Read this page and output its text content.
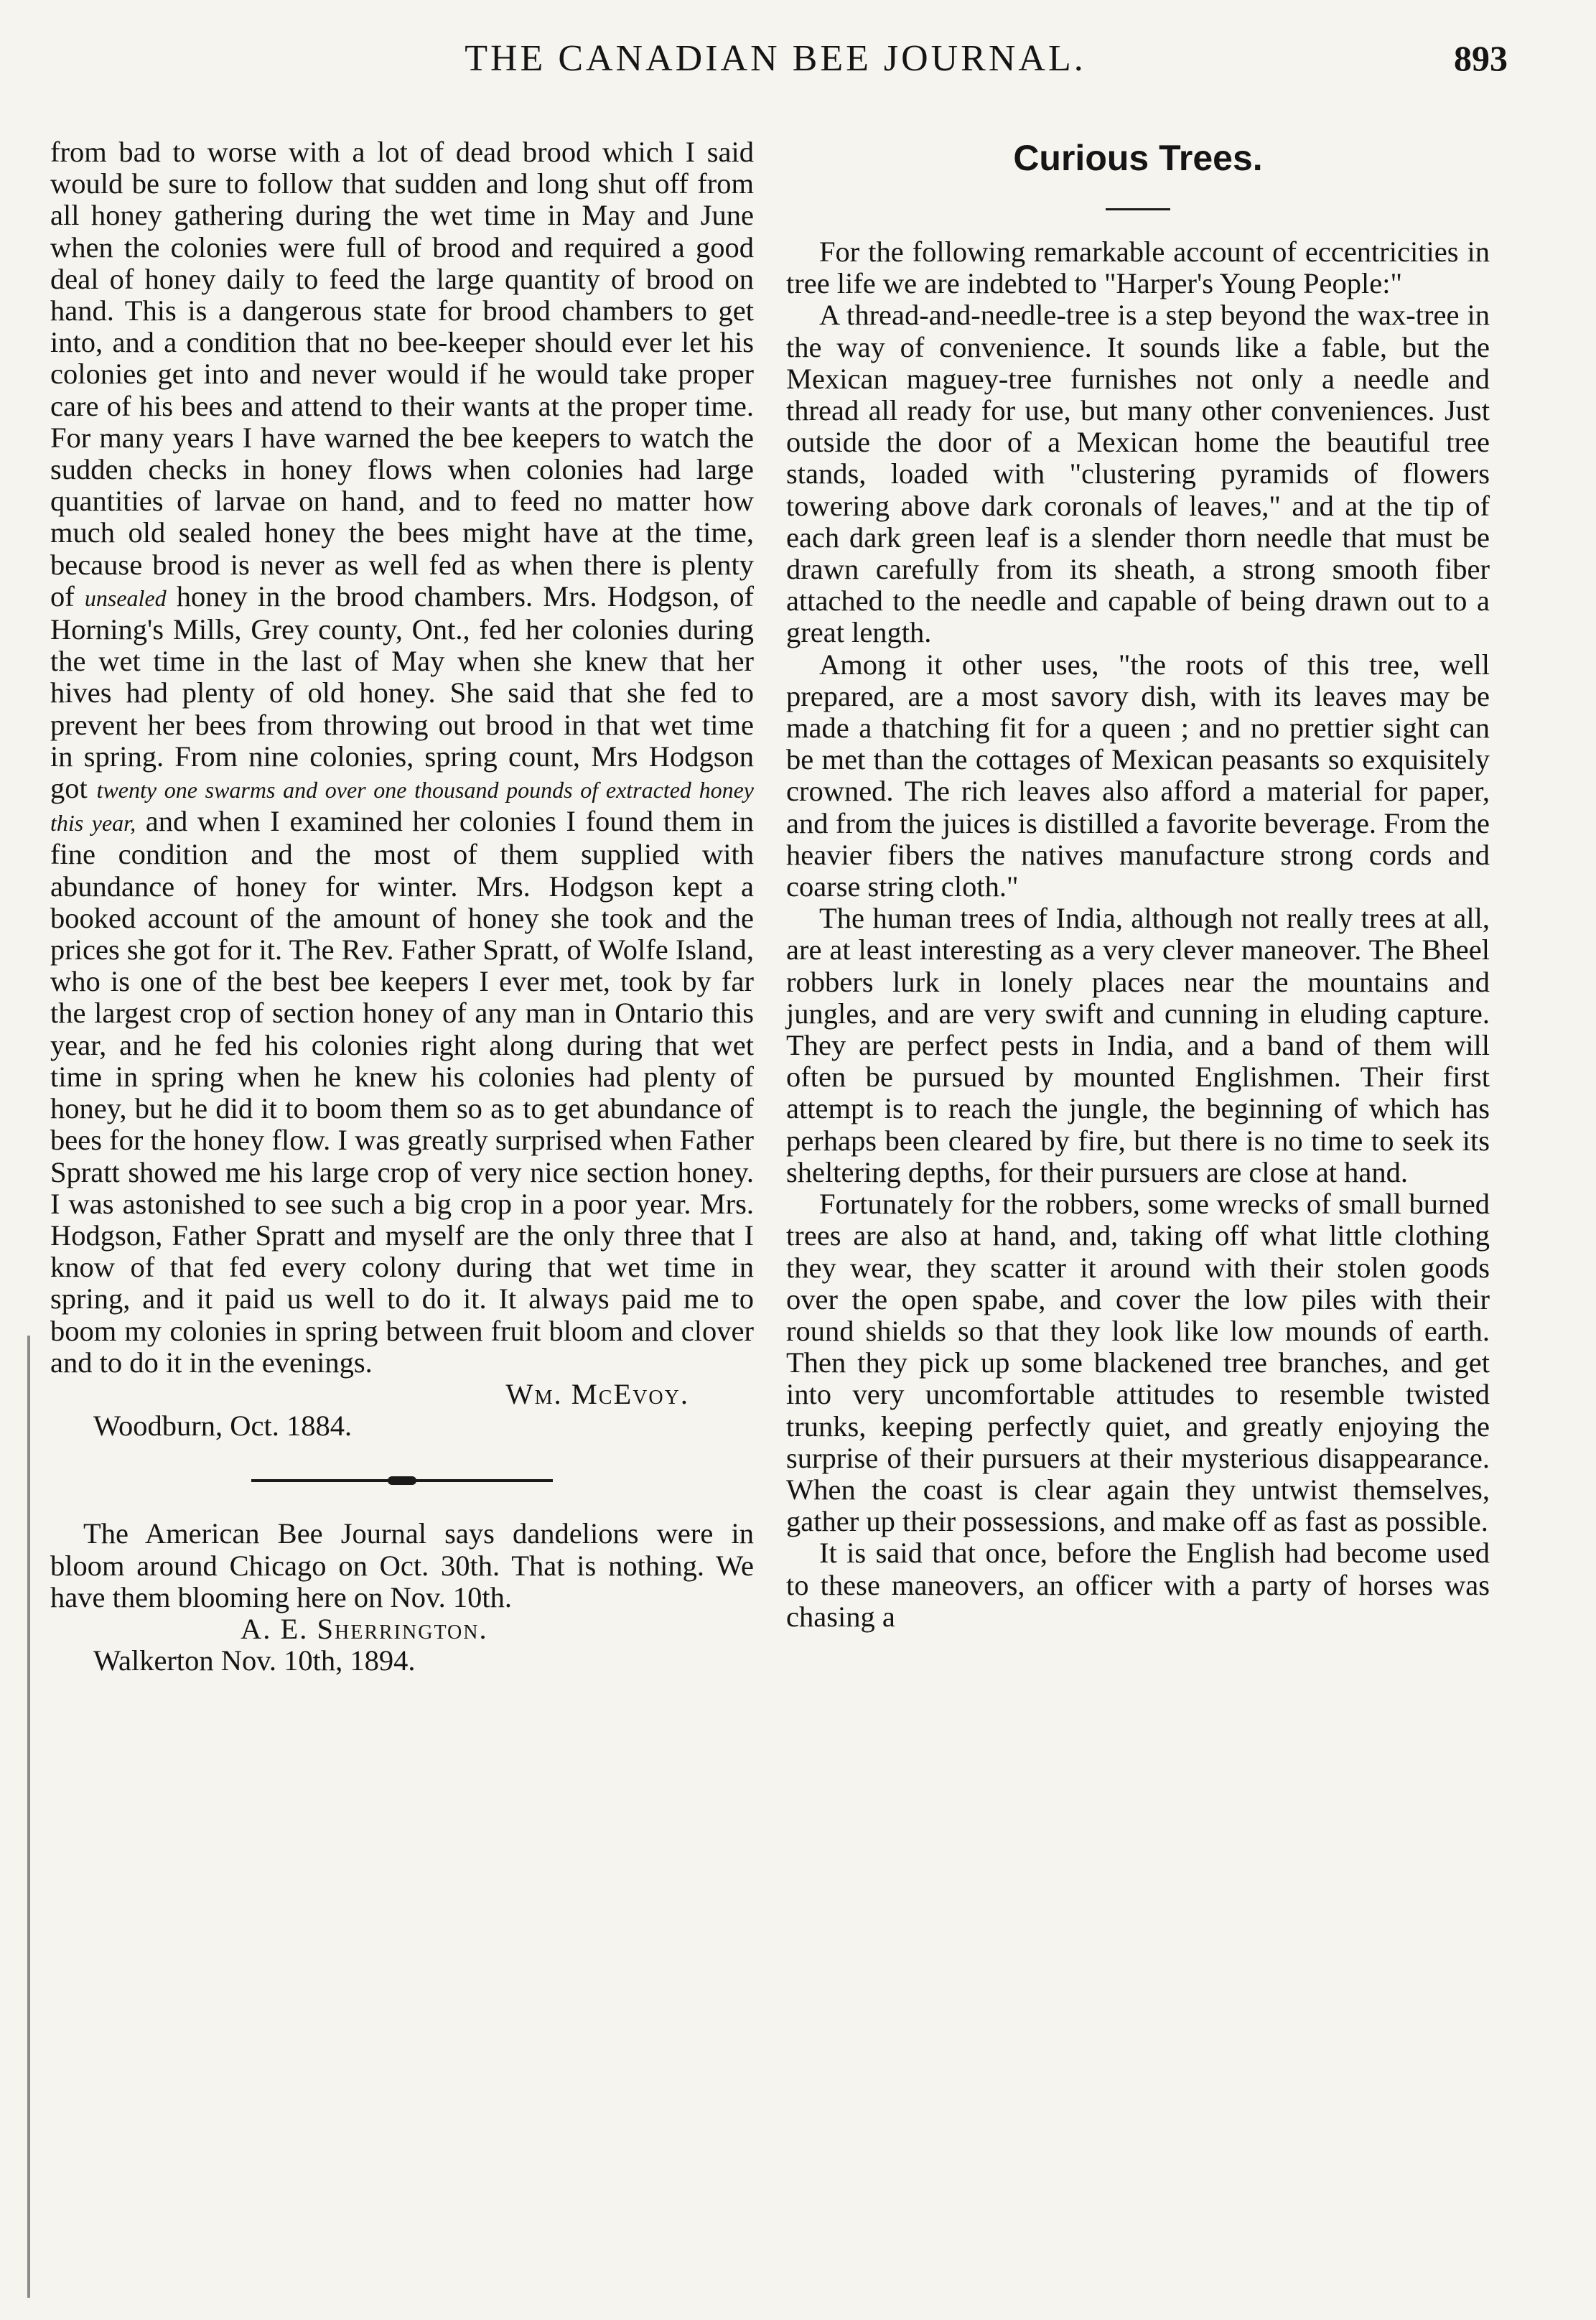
THE CANADIAN BEE JOURNAL.	893

from bad to worse with a lot of dead brood which I said would be sure to follow that sudden and long shut off from all honey gathering during the wet time in May and June when the colonies were full of brood and required a good deal of honey daily to feed the large quantity of brood on hand. This is a dangerous state for brood chambers to get into, and a condition that no bee-keeper should ever let his colonies get into and never would if he would take proper care of his bees and attend to their wants at the proper time. For many years I have warned the bee keepers to watch the sudden checks in honey flows when colonies had large quantities of larvae on hand, and to feed no matter how much old sealed honey the bees might have at the time, because brood is never as well fed as when there is plenty of unsealed honey in the brood chambers. Mrs. Hodgson, of Horning's Mills, Grey county, Ont., fed her colonies during the wet time in the last of May when she knew that her hives had plenty of old honey. She said that she fed to prevent her bees from throwing out brood in that wet time in spring. From nine colonies, spring count, Mrs Hodgson got twenty one swarms and over one thousand pounds of extracted honey this year, and when I examined her colonies I found them in fine condition and the most of them supplied with abundance of honey for winter. Mrs. Hodgson kept a booked account of the amount of honey she took and the prices she got for it. The Rev. Father Spratt, of Wolfe Island, who is one of the best bee keepers I ever met, took by far the largest crop of section honey of any man in Ontario this year, and he fed his colonies right along during that wet time in spring when he knew his colonies had plenty of honey, but he did it to boom them so as to get abundance of bees for the honey flow. I was greatly surprised when Father Spratt showed me his large crop of very nice section honey. I was astonished to see such a big crop in a poor year. Mrs. Hodgson, Father Spratt and myself are the only three that I know of that fed every colony during that wet time in spring, and it paid us well to do it. It always paid me to boom my colonies in spring between fruit bloom and clover and to do it in the evenings.

Wm. McEvoy.

Woodburn, Oct. 1884.

The American Bee Journal says dandelions were in bloom around Chicago on Oct. 30th. That is nothing. We have them blooming here on Nov. 10th.

A. E. Sherrington.

Walkerton Nov. 10th, 1894.

Curious Trees.

For the following remarkable account of eccentricities in tree life we are indebted to "Harper's Young People:"

A thread-and-needle-tree is a step beyond the wax-tree in the way of convenience. It sounds like a fable, but the Mexican maguey-tree furnishes not only a needle and thread all ready for use, but many other conveniences. Just outside the door of a Mexican home the beautiful tree stands, loaded with "clustering pyramids of flowers towering above dark coronals of leaves," and at the tip of each dark green leaf is a slender thorn needle that must be drawn carefully from its sheath, a strong smooth fiber attached to the needle and capable of being drawn out to a great length.

Among it other uses, "the roots of this tree, well prepared, are a most savory dish, with its leaves may be made a thatching fit for a queen ; and no prettier sight can be met than the cottages of Mexican peasants so exquisitely crowned. The rich leaves also afford a material for paper, and from the juices is distilled a favorite beverage. From the heavier fibers the natives manufacture strong cords and coarse string cloth."

The human trees of India, although not really trees at all, are at least interesting as a very clever maneover. The Bheel robbers lurk in lonely places near the mountains and jungles, and are very swift and cunning in eluding capture. They are perfect pests in India, and a band of them will often be pursued by mounted Englishmen. Their first attempt is to reach the jungle, the beginning of which has perhaps been cleared by fire, but there is no time to seek its sheltering depths, for their pursuers are close at hand.

Fortunately for the robbers, some wrecks of small burned trees are also at hand, and, taking off what little clothing they wear, they scatter it around with their stolen goods over the open spabe, and cover the low piles with their round shields so that they look like low mounds of earth. Then they pick up some blackened tree branches, and get into very uncomfortable attitudes to resemble twisted trunks, keeping perfectly quiet, and greatly enjoying the surprise of their pursuers at their mysterious disappearance. When the coast is clear again they untwist themselves, gather up their possessions, and make off as fast as possible.

It is said that once, before the English had become used to these maneovers, an officer with a party of horses was chasing a
